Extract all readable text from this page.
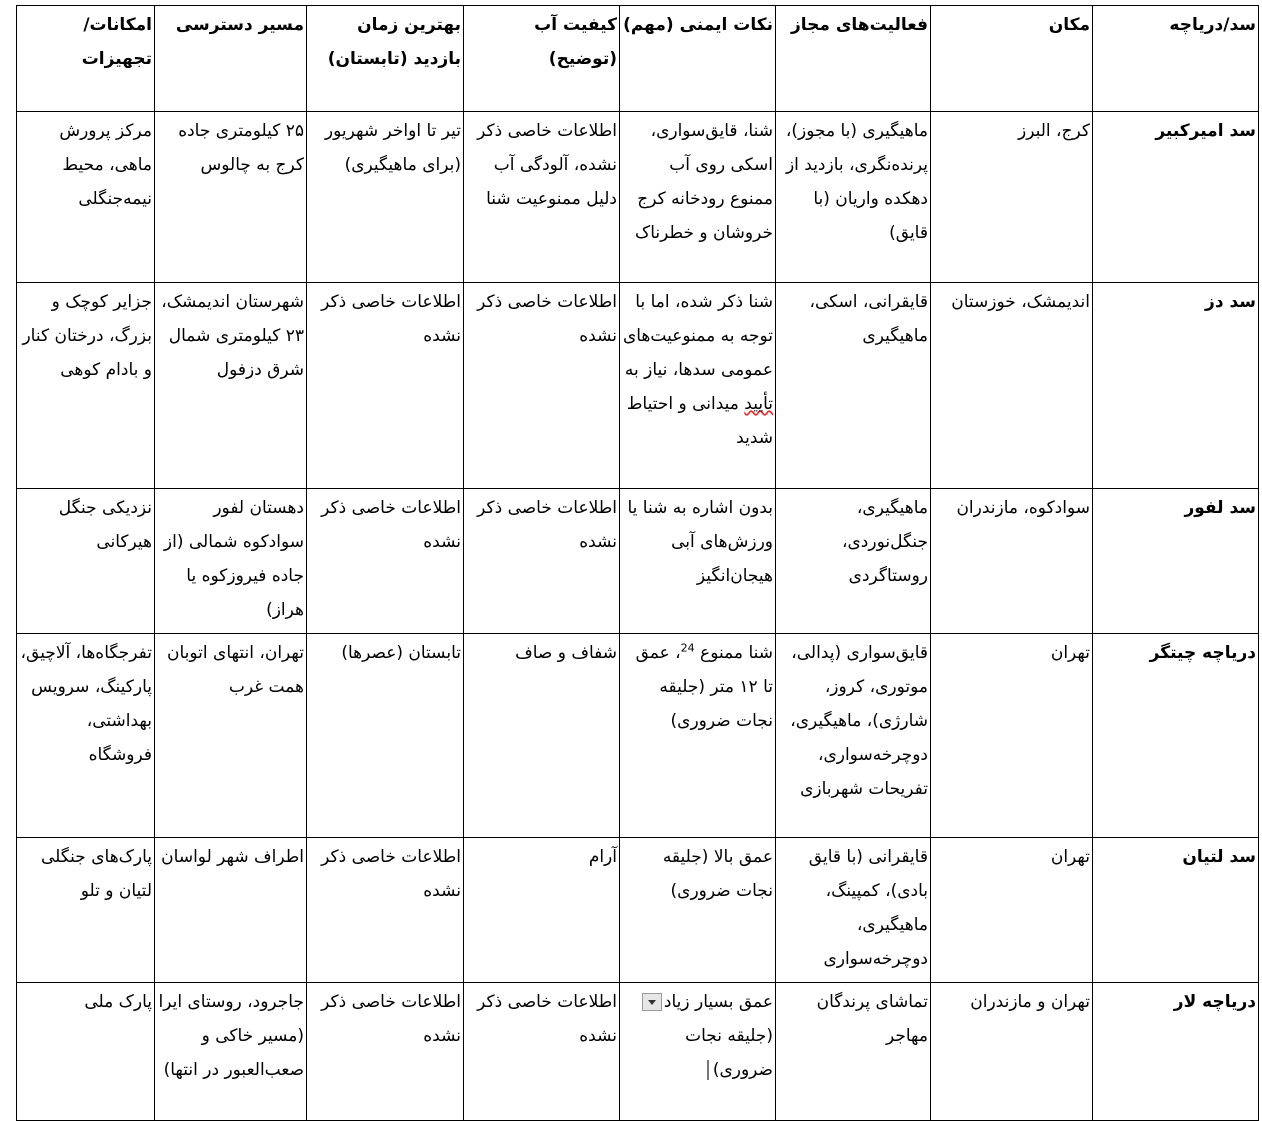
سد/دریاچه	مکان	فعالیت‌های مجاز	نکات ایمنی (مهم)	کیفیت آب (توضیح)	بهترین زمان بازدید (تابستان)	مسیر دسترسی	امکانات/تجهیزات
سد امیرکبیر	کرج، البرز	ماهیگیری (با مجوز)، پرنده‌نگری، بازدید از دهکده واریان (با قایق)	شنا، قایق‌سواری، اسکی روی آب ممنوع رودخانه کرج خروشان و خطرناک	اطلاعات خاصی ذکر نشده، آلودگی آب دلیل ممنوعیت شنا	تیر تا اواخر شهریور (برای ماهیگیری)	۲۵ کیلومتری جاده کرج به چالوس	مرکز پرورش ماهی، محیط نیمه‌جنگلی
سد دز	اندیمشک، خوزستان	قایقرانی، اسکی، ماهیگیری	شنا ذکر شده، اما با توجه به ممنوعیت‌های عمومی سدها، نیاز به تأیید میدانی و احتیاط شدید	اطلاعات خاصی ذکر نشده	اطلاعات خاصی ذکر نشده	شهرستان اندیمشک، ۲۳ کیلومتری شمال شرق دزفول	جزایر کوچک و بزرگ، درختان کنار و بادام کوهی
سد لفور	سوادکوه، مازندران	ماهیگیری، جنگل‌نوردی، روستاگردی	بدون اشاره به شنا یا ورزش‌های آبی هیجان‌انگیز	اطلاعات خاصی ذکر نشده	اطلاعات خاصی ذکر نشده	دهستان لفور سوادکوه شمالی (از جاده فیروزکوه یا هراز)	نزدیکی جنگل هیرکانی
دریاچه چیتگر	تهران	قایق‌سواری (پدالی، موتوری، کروز، شارژی)، ماهیگیری، دوچرخه‌سواری، تفریحات شهربازی	شنا ممنوع $^{24}$، عمق تا ۱۲ متر (جلیقه نجات ضروری)	شفاف و صاف	تابستان (عصرها)	تهران، انتهای اتوبان همت غرب	تفرجگاه‌ها، آلاچیق، پارکینگ، سرویس بهداشتی، فروشگاه
سد لتیان	تهران	قایقرانی (با قایق بادی)، کمپینگ، ماهیگیری، دوچرخه‌سواری	عمق بالا (جلیقه نجات ضروری)	آرام	اطلاعات خاصی ذکر نشده	اطراف شهر لواسان	پارک‌های جنگلی لتیان و تلو
دریاچه لار	تهران و مازندران	تماشای پرندگان مهاجر	عمق بسیار زیاد (جلیقه نجات ضروری)	اطلاعات خاصی ذکر نشده	اطلاعات خاصی ذکر نشده	جاجرود، روستای ایرا (مسیر خاکی و صعب‌العبور در انتها)	پارک ملی
